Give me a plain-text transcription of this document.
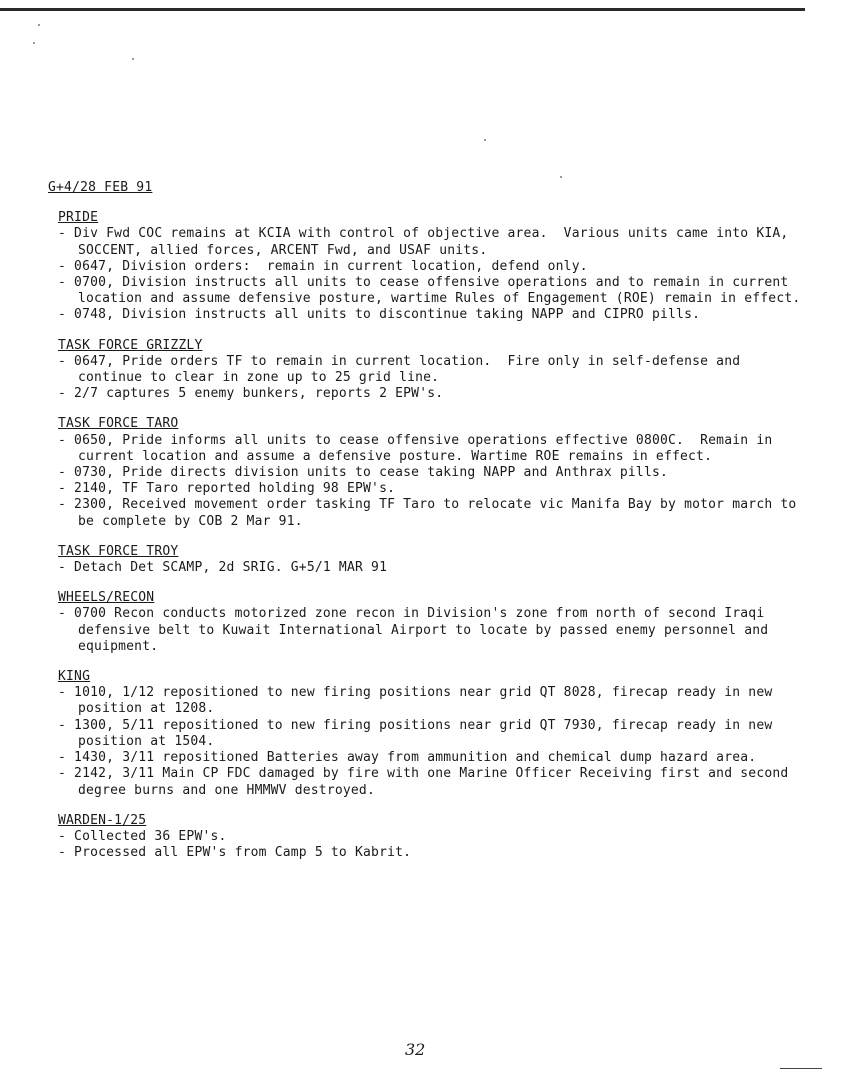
G+4/28 FEB 91
PRIDE
- Div Fwd COC remains at KCIA with control of objective area.  Various units came into KIA, SOCCENT, allied forces, ARCENT Fwd, and USAF units.
- 0647, Division orders:  remain in current location, defend only.
- 0700, Division instructs all units to cease offensive operations and to remain in current location and assume defensive posture, wartime Rules of Engagement (ROE) remain in effect.
- 0748, Division instructs all units to discontinue taking NAPP and CIPRO pills.
TASK FORCE GRIZZLY
- 0647, Pride orders TF to remain in current location.  Fire only in self-defense and continue to clear in zone up to 25 grid line.
- 2/7 captures 5 enemy bunkers, reports 2 EPW's.
TASK FORCE TARO
- 0650, Pride informs all units to cease offensive operations effective 0800C.  Remain in current location and assume a defensive posture. Wartime ROE remains in effect.
- 0730, Pride directs division units to cease taking NAPP and Anthrax pills.
- 2140, TF Taro reported holding 98 EPW's.
- 2300, Received movement order tasking TF Taro to relocate vic Manifa Bay by motor march to be complete by COB 2 Mar 91.
TASK FORCE TROY
- Detach Det SCAMP, 2d SRIG. G+5/1 MAR 91
WHEELS/RECON
- 0700 Recon conducts motorized zone recon in Division's zone from north of second Iraqi defensive belt to Kuwait International Airport to locate by passed enemy personnel and equipment.
KING
- 1010, 1/12 repositioned to new firing positions near grid QT 8028, firecap ready in new position at 1208.
- 1300, 5/11 repositioned to new firing positions near grid QT 7930, firecap ready in new position at 1504.
- 1430, 3/11 repositioned Batteries away from ammunition and chemical dump hazard area.
- 2142, 3/11 Main CP FDC damaged by fire with one Marine Officer Receiving first and second degree burns and one HMMWV destroyed.
WARDEN-1/25
- Collected 36 EPW's.
- Processed all EPW's from Camp 5 to Kabrit.
32
